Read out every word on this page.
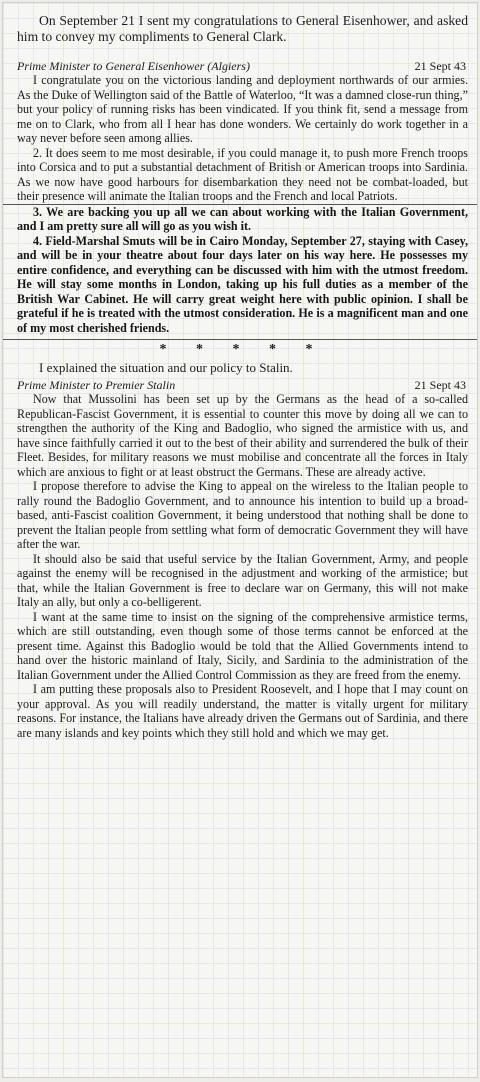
On September 21 I sent my congratulations to General Eisenhower, and asked him to convey my compliments to General Clark.

Prime Minister to General Eisenhower (Algiers)	21 Sept 43

I congratulate you on the victorious landing and deployment northwards of our armies. As the Duke of Wellington said of the Battle of Waterloo, “It was a damned close-run thing,” but your policy of running risks has been vindicated. If you think fit, send a message from me on to Clark, who from all I hear has done wonders. We certainly do work together in a way never before seen among allies.

2. It does seem to me most desirable, if you could manage it, to push more French troops into Corsica and to put a substantial detachment of British or American troops into Sardinia. As we now have good harbours for disembarkation they need not be combat-loaded, but their presence will animate the Italian troops and the French and local Patriots.

3. We are backing you up all we can about working with the Italian Government, and I am pretty sure all will go as you wish it.

4. Field-Marshal Smuts will be in Cairo Monday, September 27, staying with Casey, and will be in your theatre about four days later on his way here. He possesses my entire confidence, and everything can be discussed with him with the utmost freedom. He will stay some months in London, taking up his full duties as a member of the British War Cabinet. He will carry great weight here with public opinion. I shall be grateful if he is treated with the utmost consideration. He is a magnificent man and one of my most cherished friends.

* * * * *

I explained the situation and our policy to Stalin.

Prime Minister to Premier Stalin	21 Sept 43

Now that Mussolini has been set up by the Germans as the head of a so-called Republican-Fascist Government, it is essential to counter this move by doing all we can to strengthen the authority of the King and Badoglio, who signed the armistice with us, and have since faithfully carried it out to the best of their ability and surrendered the bulk of their Fleet. Besides, for military reasons we must mobilise and concentrate all the forces in Italy which are anxious to fight or at least obstruct the Germans. These are already active.

I propose therefore to advise the King to appeal on the wireless to the Italian people to rally round the Badoglio Government, and to announce his intention to build up a broad-based, anti-Fascist coalition Government, it being understood that nothing shall be done to prevent the Italian people from settling what form of democratic Government they will have after the war.

It should also be said that useful service by the Italian Government, Army, and people against the enemy will be recognised in the adjustment and working of the armistice; but that, while the Italian Government is free to declare war on Germany, this will not make Italy an ally, but only a co-belligerent.

I want at the same time to insist on the signing of the comprehensive armistice terms, which are still outstanding, even though some of those terms cannot be enforced at the present time. Against this Badoglio would be told that the Allied Governments intend to hand over the historic mainland of Italy, Sicily, and Sardinia to the administration of the Italian Government under the Allied Control Commission as they are freed from the enemy.

I am putting these proposals also to President Roosevelt, and I hope that I may count on your approval. As you will readily understand, the matter is vitally urgent for military reasons. For instance, the Italians have already driven the Germans out of Sardinia, and there are many islands and key points which they still hold and which we may get.
